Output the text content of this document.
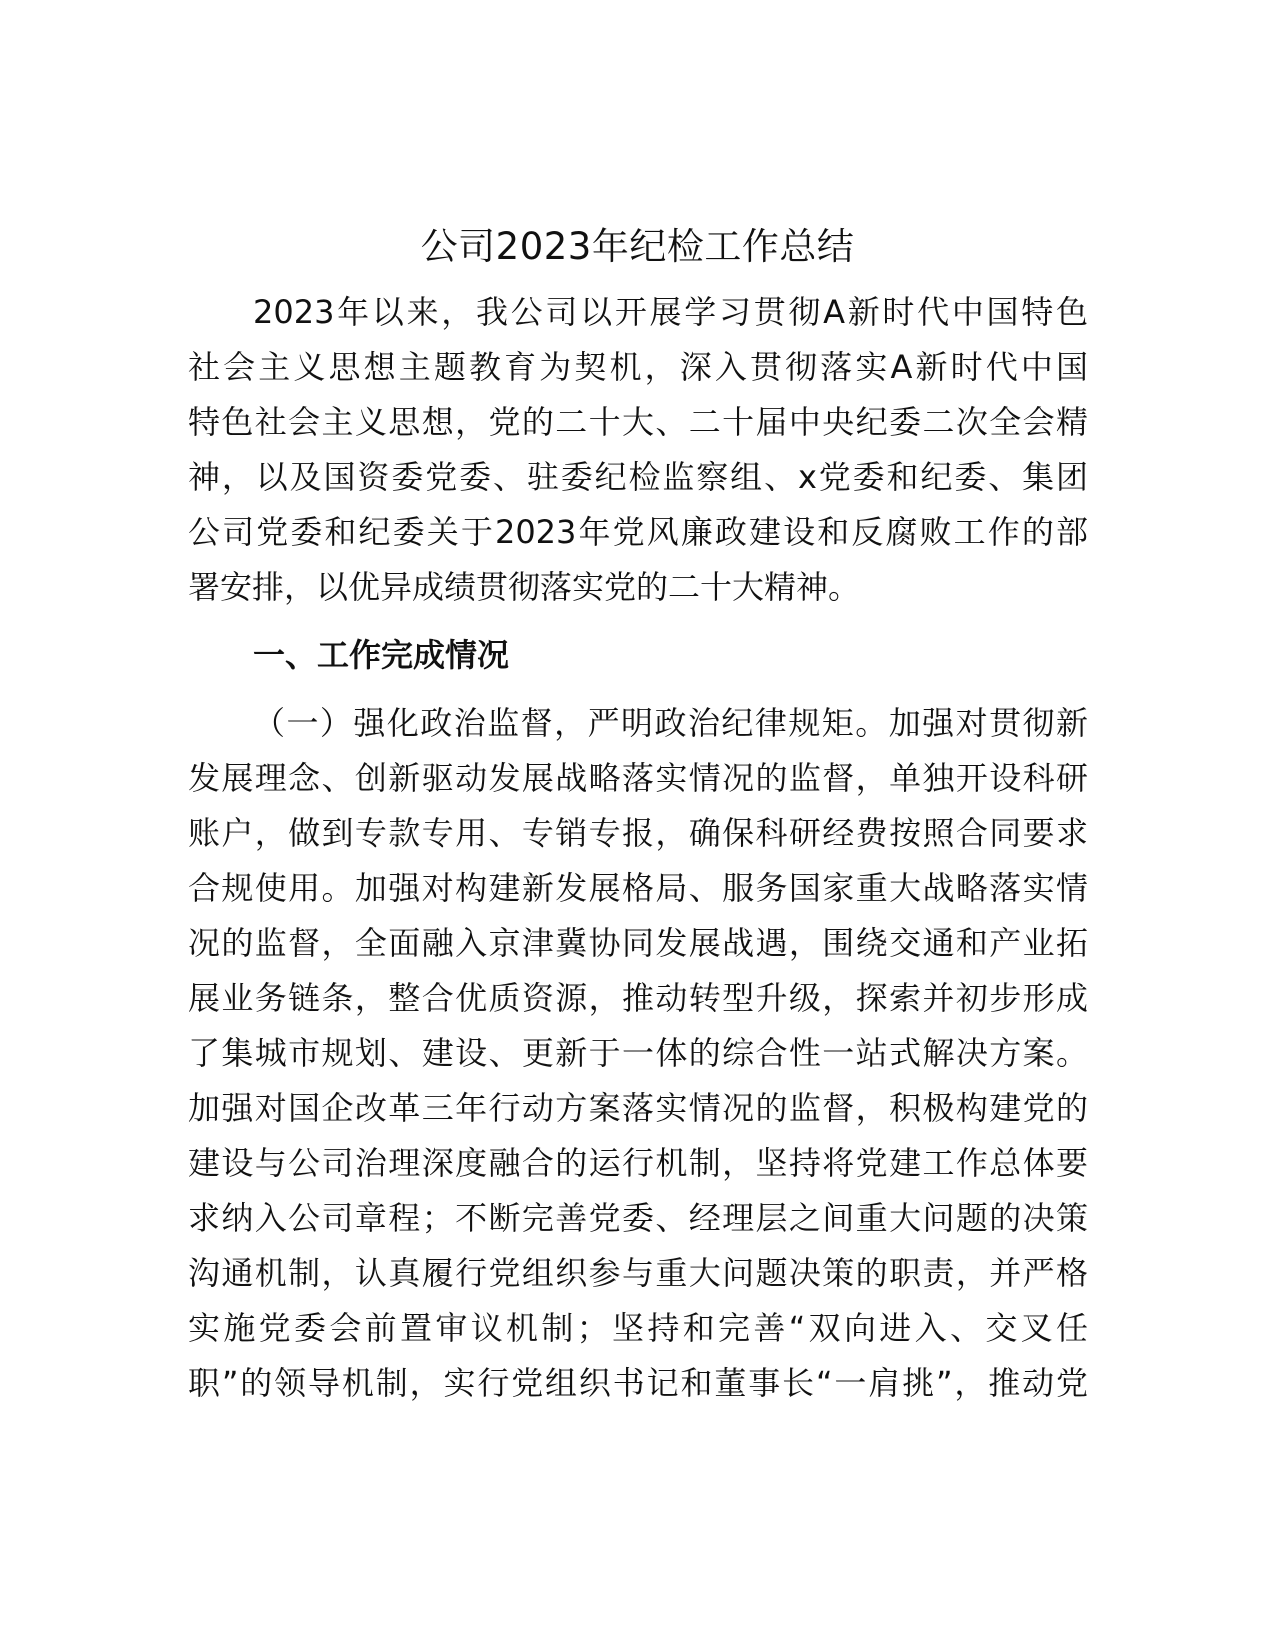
公司2023年纪检工作总结
2023年以来，我公司以开展学习贯彻A新时代中国特色
社会主义思想主题教育为契机，深入贯彻落实A新时代中国
特色社会主义思想，党的二十大、二十届中央纪委二次全会精
神，以及国资委党委、驻委纪检监察组、x党委和纪委、集团
公司党委和纪委关于2023年党风廉政建设和反腐败工作的部
署安排，以优异成绩贯彻落实党的二十大精神。
一、工作完成情况
（一）强化政治监督，严明政治纪律规矩。加强对贯彻新
发展理念、创新驱动发展战略落实情况的监督，单独开设科研
账户，做到专款专用、专销专报，确保科研经费按照合同要求
合规使用。加强对构建新发展格局、服务国家重大战略落实情
况的监督，全面融入京津冀协同发展战遇，围绕交通和产业拓
展业务链条，整合优质资源，推动转型升级，探索并初步形成
了集城市规划、建设、更新于一体的综合性一站式解决方案。
加强对国企改革三年行动方案落实情况的监督，积极构建党的
建设与公司治理深度融合的运行机制，坚持将党建工作总体要
求纳入公司章程；不断完善党委、经理层之间重大问题的决策
沟通机制，认真履行党组织参与重大问题决策的职责，并严格
实施党委会前置审议机制；坚持和完善“双向进入、交叉任
职”的领导机制，实行党组织书记和董事长“一肩挑”，推动党
